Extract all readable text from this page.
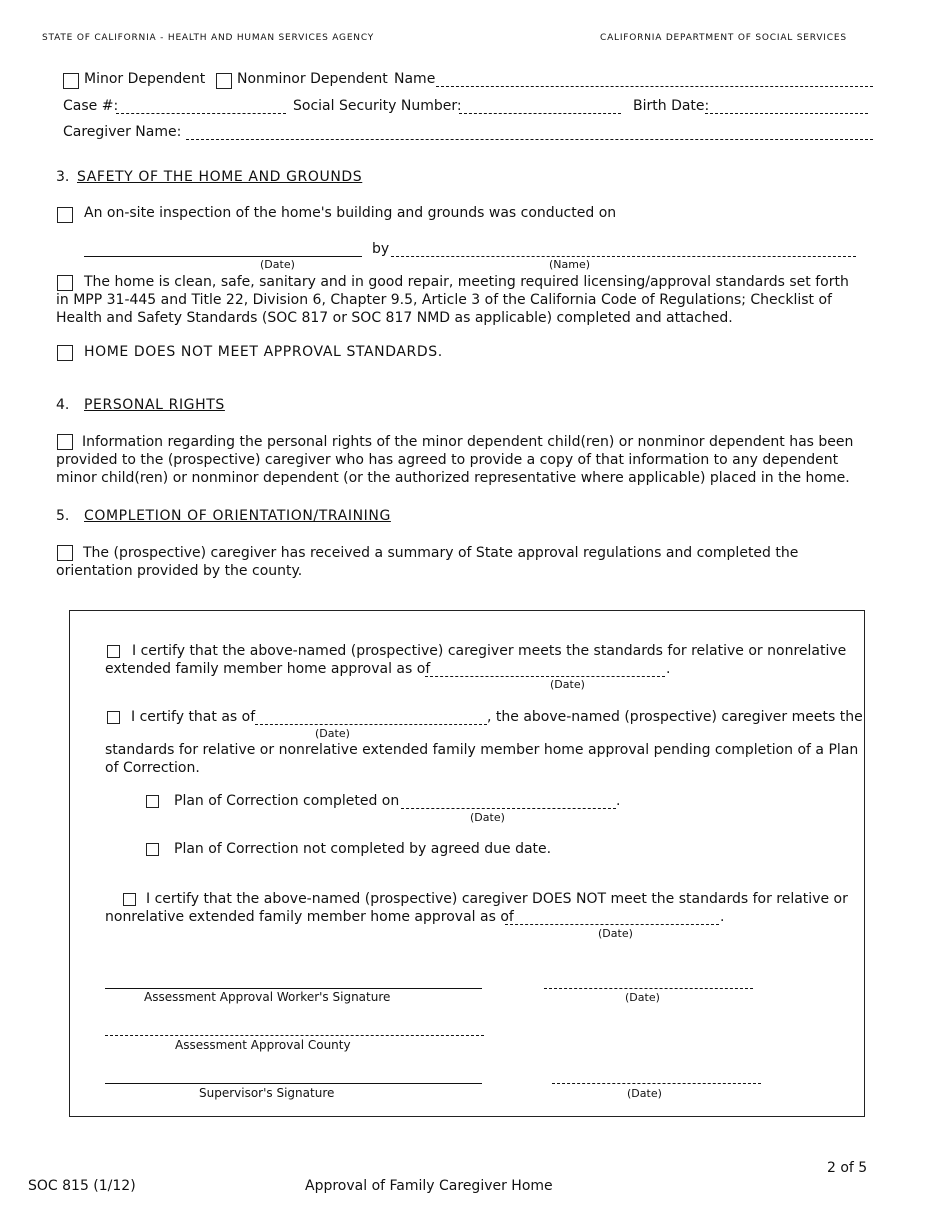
STATE OF CALIFORNIA - HEALTH AND HUMAN SERVICES AGENCY	CALIFORNIA DEPARTMENT OF SOCIAL SERVICES
Minor Dependent Nonminor Dependent Name
Case #:	Social Security Number:	Birth Date:
Caregiver Name:
3. SAFETY OF THE HOME AND GROUNDS
An on-site inspection of the home's building and grounds was conducted on
by
(Date)	(Name)
The home is clean, safe, sanitary and in good repair, meeting required licensing/approval standards set forth in MPP 31-445 and Title 22, Division 6, Chapter 9.5, Article 3 of the California Code of Regulations; Checklist of Health and Safety Standards (SOC 817 or SOC 817 NMD as applicable) completed and attached.
HOME DOES NOT MEET APPROVAL STANDARDS.
4. PERSONAL RIGHTS
Information regarding the personal rights of the minor dependent child(ren) or nonminor dependent has been provided to the (prospective) caregiver who has agreed to provide a copy of that information to any dependent minor child(ren) or nonminor dependent (or the authorized representative where applicable) placed in the home.
5. COMPLETION OF ORIENTATION/TRAINING
The (prospective) caregiver has received a summary of State approval regulations and completed the orientation provided by the county.
I certify that the above-named (prospective) caregiver meets the standards for relative or nonrelative
extended family member home approval as of	.
(Date)
I certify that as of	, the above-named (prospective) caregiver meets the
(Date)
standards for relative or nonrelative extended family member home approval pending completion of a Plan of Correction.
Plan of Correction completed on	.
(Date)
Plan of Correction not completed by agreed due date.
I certify that the above-named (prospective) caregiver DOES NOT meet the standards for relative or
nonrelative extended family member home approval as of	.
(Date)
Assessment Approval Worker's Signature	(Date)
Assessment Approval County
Supervisor's Signature	(Date)
2 of 5
SOC 815 (1/12)	Approval of Family Caregiver Home
